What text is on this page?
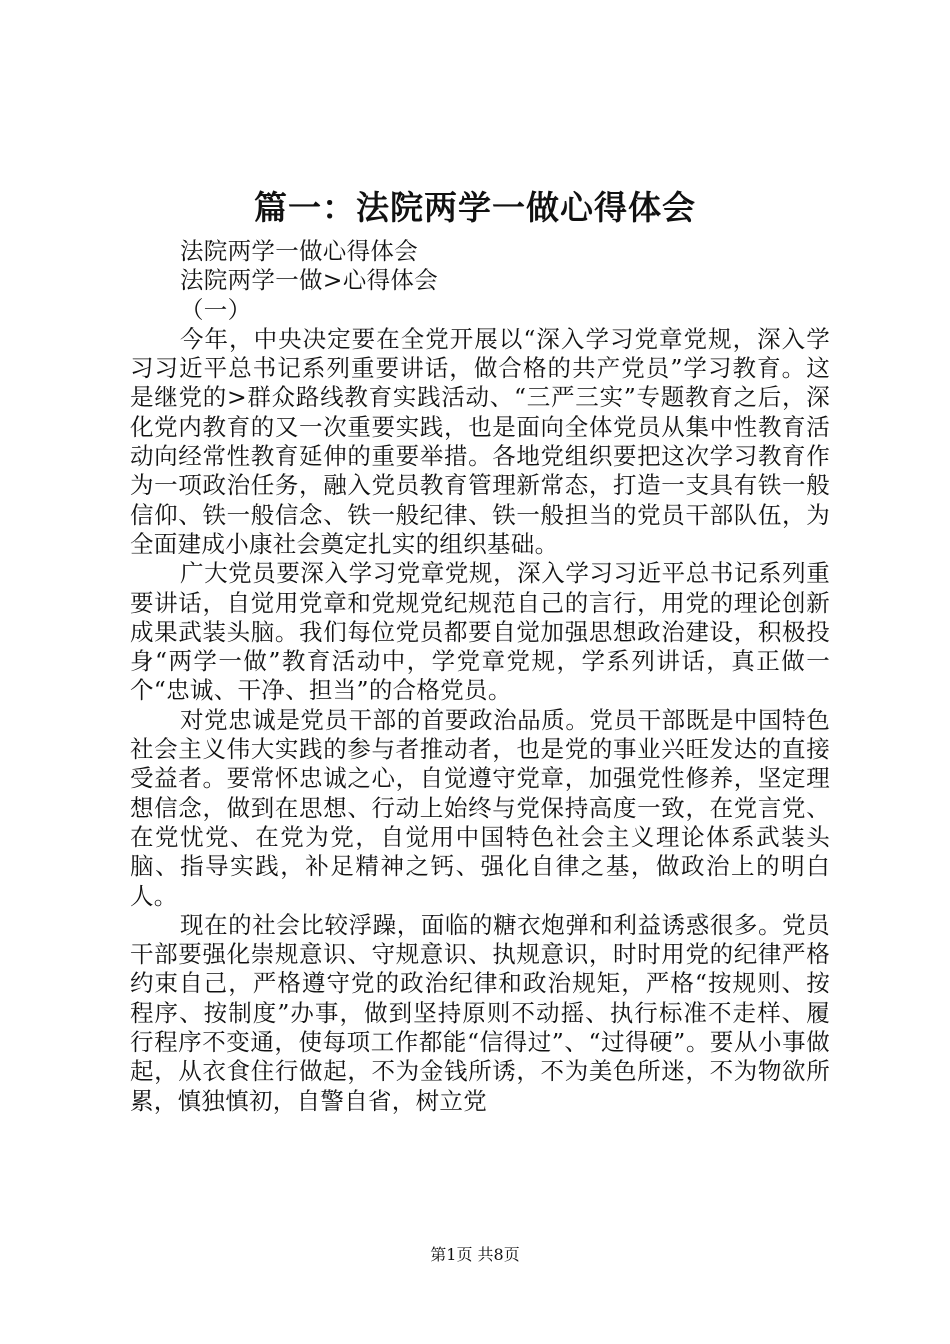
篇一：法院两学一做心得体会

法院两学一做心得体会

法院两学一做>心得体会

（一）

今年，中央决定要在全党开展以“深入学习党章党规，深入学习习近平总书记系列重要讲话，做合格的共产党员”学习教育。这是继党的>群众路线教育实践活动、“三严三实”专题教育之后，深化党内教育的又一次重要实践，也是面向全体党员从集中性教育活动向经常性教育延伸的重要举措。各地党组织要把这次学习教育作为一项政治任务，融入党员教育管理新常态，打造一支具有铁一般信仰、铁一般信念、铁一般纪律、铁一般担当的党员干部队伍，为全面建成小康社会奠定扎实的组织基础。

广大党员要深入学习党章党规，深入学习习近平总书记系列重要讲话，自觉用党章和党规党纪规范自己的言行，用党的理论创新成果武装头脑。我们每位党员都要自觉加强思想政治建设，积极投身“两学一做”教育活动中，学党章党规，学系列讲话，真正做一个“忠诚、干净、担当”的合格党员。

对党忠诚是党员干部的首要政治品质。党员干部既是中国特色社会主义伟大实践的参与者推动者，也是党的事业兴旺发达的直接受益者。要常怀忠诚之心，自觉遵守党章，加强党性修养，坚定理想信念，做到在思想、行动上始终与党保持高度一致，在党言党、在党忧党、在党为党，自觉用中国特色社会主义理论体系武装头脑、指导实践，补足精神之钙、强化自律之基，做政治上的明白人。

现在的社会比较浮躁，面临的糖衣炮弹和利益诱惑很多。党员干部要强化崇规意识、守规意识、执规意识，时时用党的纪律严格约束自己，严格遵守党的政治纪律和政治规矩，严格“按规则、按程序、按制度”办事，做到坚持原则不动摇、执行标准不走样、履行程序不变通，使每项工作都能“信得过”、“过得硬”。要从小事做起，从衣食住行做起，不为金钱所诱，不为美色所迷，不为物欲所累，慎独慎初，自警自省，树立党

第1页 共8页
